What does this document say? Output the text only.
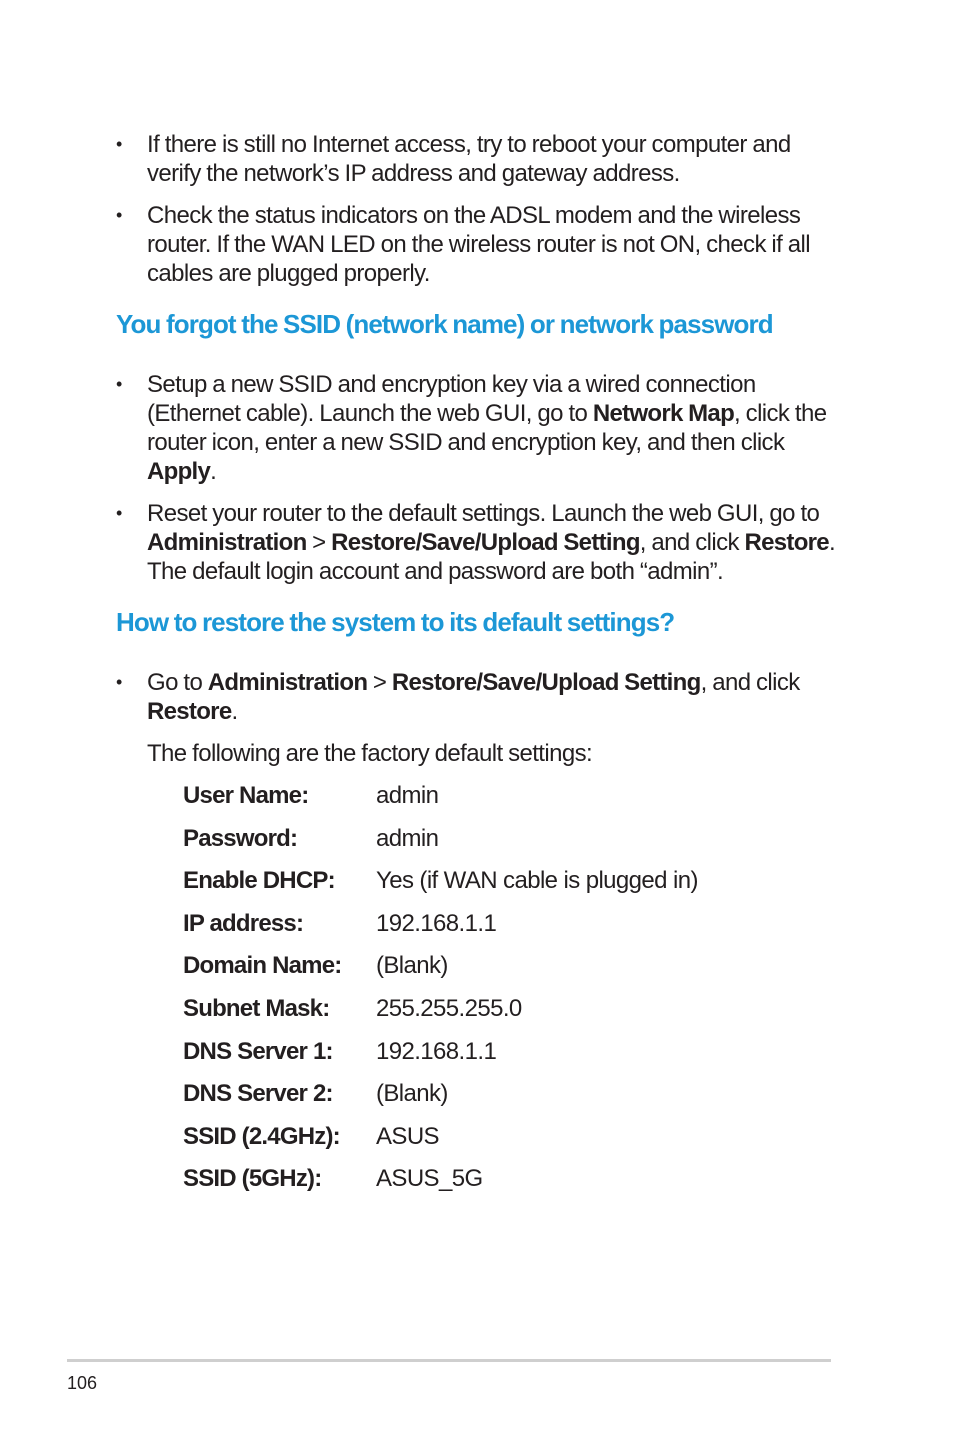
• If there is still no Internet access, try to reboot your computer and verify the network’s IP address and gateway address.
• Check the status indicators on the ADSL modem and the wireless router. If the WAN LED on the wireless router is not ON, check if all cables are plugged properly.
You forgot the SSID (network name) or network password
• Setup a new SSID and encryption key via a wired connection (Ethernet cable). Launch the web GUI, go to Network Map, click the router icon, enter a new SSID and encryption key, and then click Apply.
• Reset your router to the default settings. Launch the web GUI, go to Administration > Restore/Save/Upload Setting, and click Restore. The default login account and password are both “admin”.
How to restore the system to its default settings?
• Go to Administration > Restore/Save/Upload Setting, and click Restore.
The following are the factory default settings:
User Name:	admin
Password:	admin
Enable DHCP:	Yes (if WAN cable is plugged in)
IP address:	192.168.1.1
Domain Name:	(Blank)
Subnet Mask:	255.255.255.0
DNS Server 1:	192.168.1.1
DNS Server 2:	(Blank)
SSID (2.4GHz):	ASUS
SSID (5GHz):	ASUS_5G
106
